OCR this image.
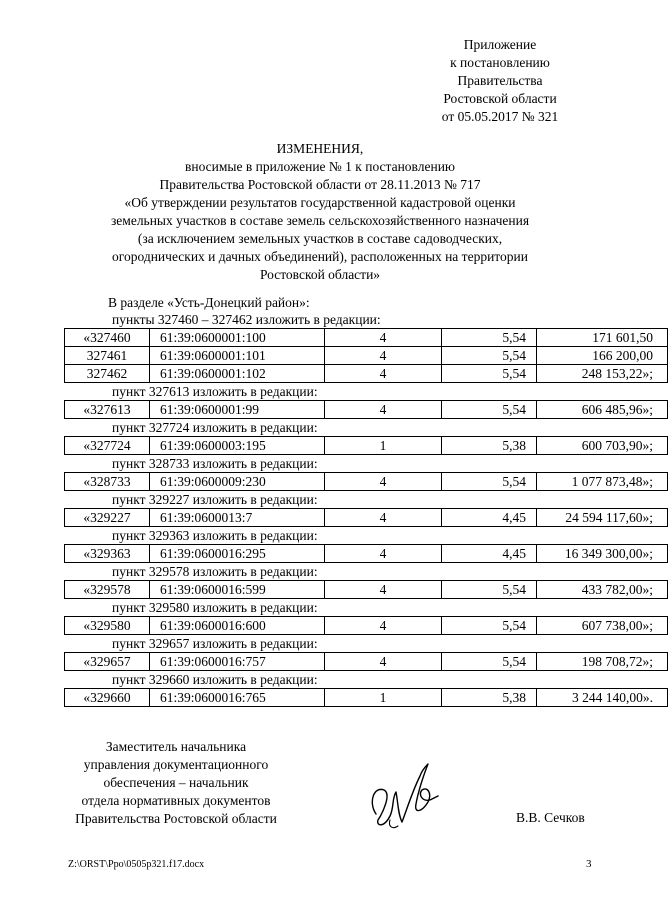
Приложение
к постановлению
Правительства
Ростовской области
от 05.05.2017 № 321
ИЗМЕНЕНИЯ,
вносимые в приложение № 1 к постановлению
Правительства Ростовской области от 28.11.2013 № 717
«Об утверждении результатов государственной кадастровой оценки
земельных участков в составе земель сельскохозяйственного назначения
(за исключением земельных участков в составе садоводческих,
огороднических и дачных объединений), расположенных на территории
Ростовской области»
В разделе «Усть-Донецкий район»:
пункты 327460 – 327462 изложить в редакции:
«327460	61:39:0600001:100	4	5,54	171 601,50
327461	61:39:0600001:101	4	5,54	166 200,00
327462	61:39:0600001:102	4	5,54	248 153,22»;
пункт 327613 изложить в редакции:
«327613	61:39:0600001:99	4	5,54	606 485,96»;
пункт 327724 изложить в редакции:
«327724	61:39:0600003:195	1	5,38	600 703,90»;
пункт 328733 изложить в редакции:
«328733	61:39:0600009:230	4	5,54	1 077 873,48»;
пункт 329227 изложить в редакции:
«329227	61:39:0600013:7	4	4,45	24 594 117,60»;
пункт 329363 изложить в редакции:
«329363	61:39:0600016:295	4	4,45	16 349 300,00»;
пункт 329578 изложить в редакции:
«329578	61:39:0600016:599	4	5,54	433 782,00»;
пункт 329580 изложить в редакции:
«329580	61:39:0600016:600	4	5,54	607 738,00»;
пункт 329657 изложить в редакции:
«329657	61:39:0600016:757	4	5,54	198 708,72»;
пункт 329660 изложить в редакции:
«329660	61:39:0600016:765	1	5,38	3 244 140,00».
Заместитель начальника
управления документационного
обеспечения – начальник
отдела нормативных документов
Правительства Ростовской области	В.В. Сечков
Z:\ORST\Ppo\0505p321.f17.docx	3
